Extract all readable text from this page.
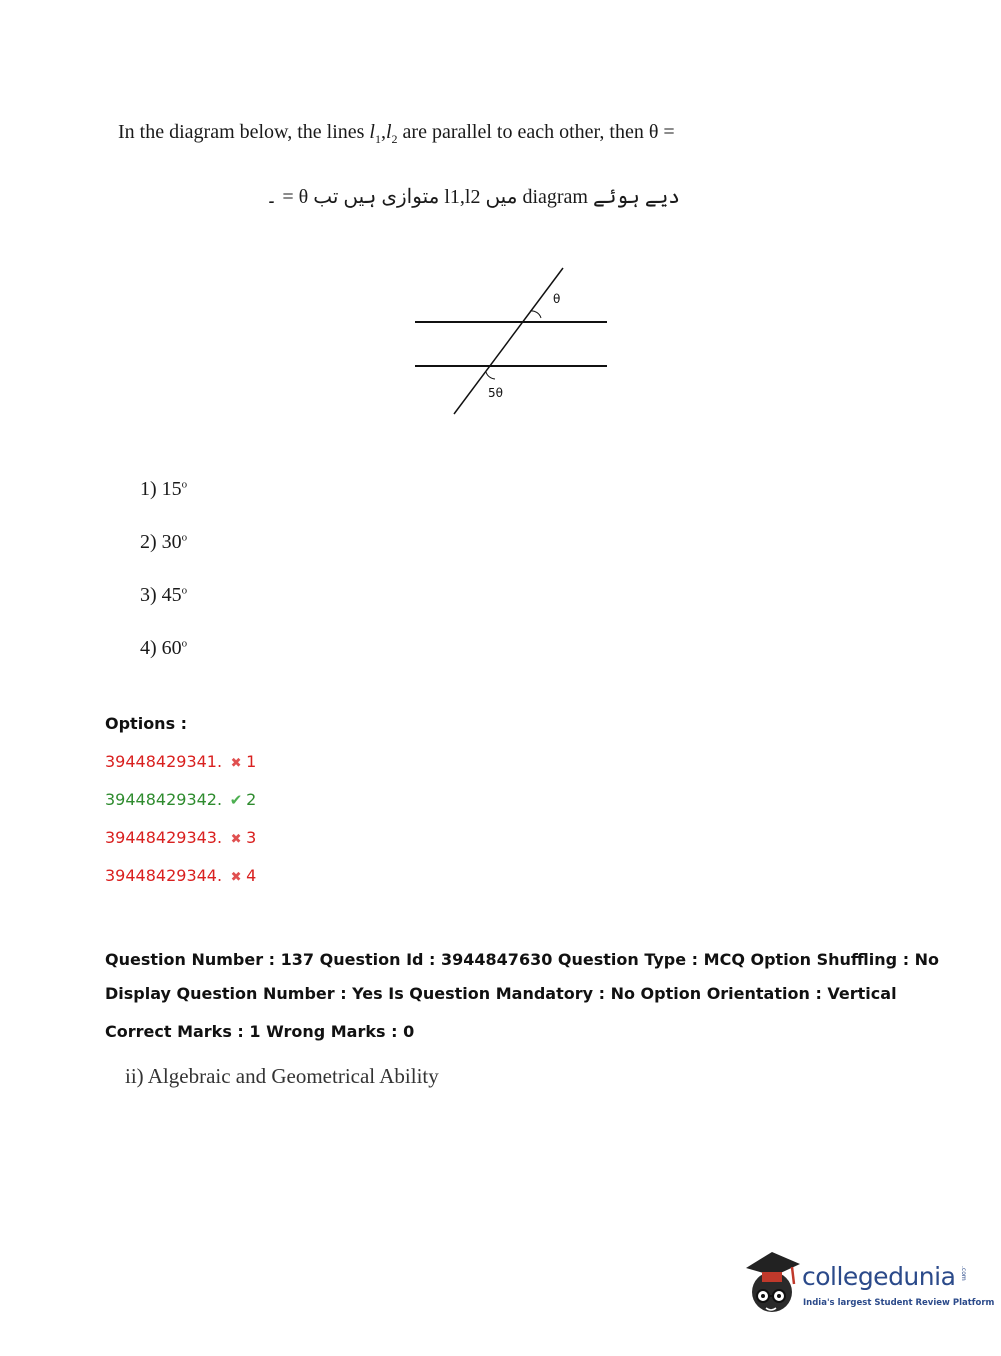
In the diagram below, the lines $l_1,l_2$ are parallel to each other, then θ =
دیے ہوئے diagram میں l1,l2 متوازی ہیں تب θ = ۔
θ
5θ
1) 15$^o$
2) 30$^o$
3) 45$^o$
4) 60$^o$
Options :
39448429341. ✖ 1
39448429342. ✔ 2
39448429343. ✖ 3
39448429344. ✖ 4
Question Number : 137 Question Id : 3944847630 Question Type : MCQ Option Shuffling : No
Display Question Number : Yes Is Question Mandatory : No Option Orientation : Vertical
Correct Marks : 1 Wrong Marks : 0
ii) Algebraic and Geometrical Ability
collegedunia .com
India's largest Student Review Platform
